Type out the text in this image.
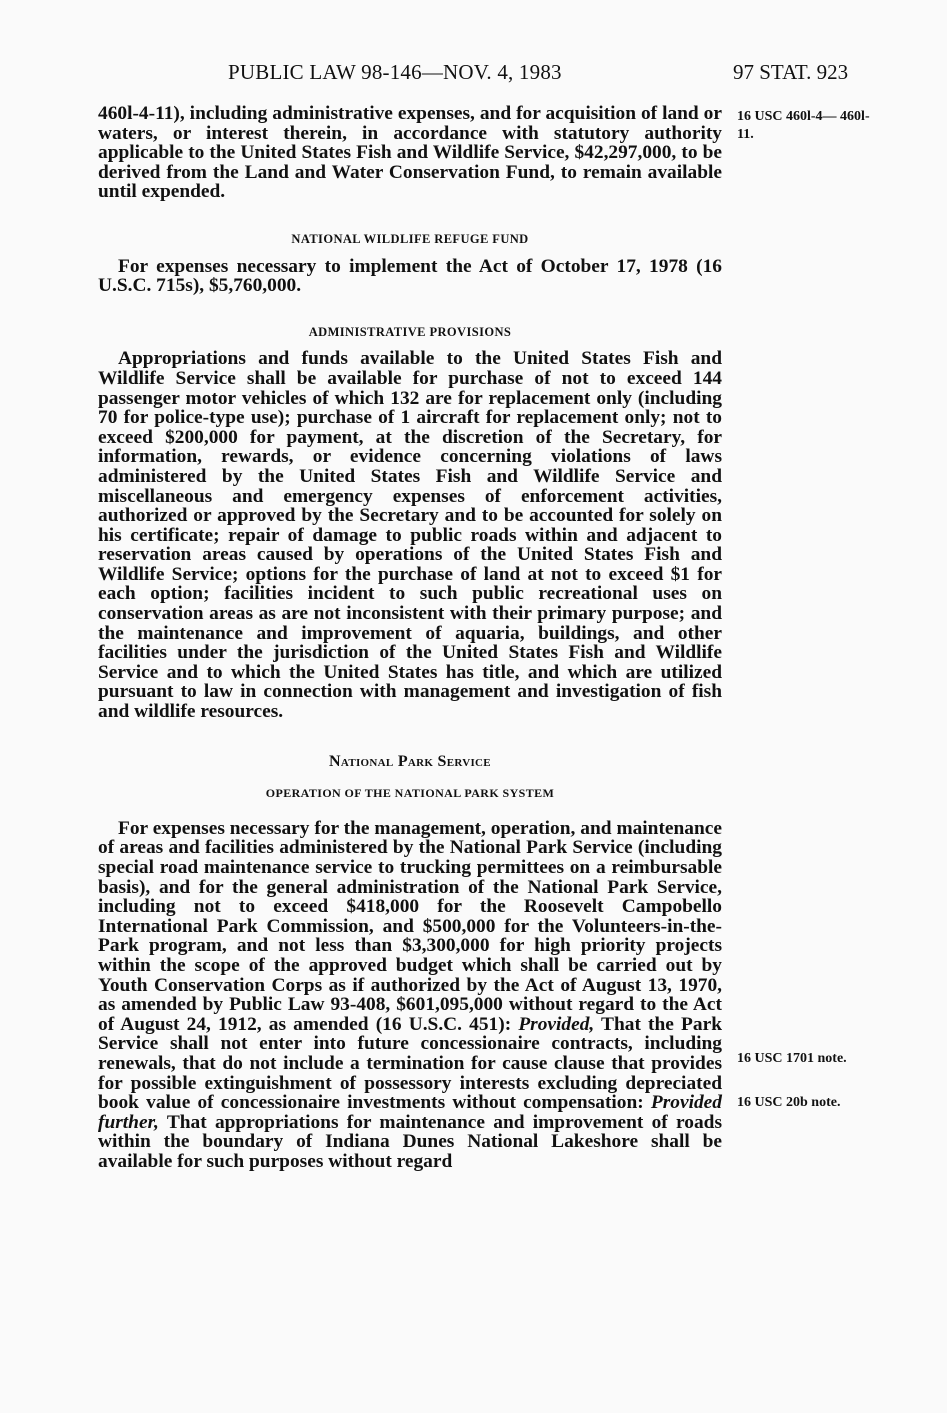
PUBLIC LAW 98-146—NOV. 4, 1983	97 STAT. 923
16 USC 460l-4— 460l-11.
16 USC 1701 note.
16 USC 20b note.

460l-4-11), including administrative expenses, and for acquisition of land or waters, or interest therein, in accordance with statutory authority applicable to the United States Fish and Wildlife Service, $42,297,000, to be derived from the Land and Water Conservation Fund, to remain available until expended.

NATIONAL WILDLIFE REFUGE FUND

For expenses necessary to implement the Act of October 17, 1978 (16 U.S.C. 715s), $5,760,000.

ADMINISTRATIVE PROVISIONS

Appropriations and funds available to the United States Fish and Wildlife Service shall be available for purchase of not to exceed 144 passenger motor vehicles of which 132 are for replacement only (including 70 for police-type use); purchase of 1 aircraft for replacement only; not to exceed $200,000 for payment, at the discretion of the Secretary, for information, rewards, or evidence concerning violations of laws administered by the United States Fish and Wildlife Service and miscellaneous and emergency expenses of enforcement activities, authorized or approved by the Secretary and to be accounted for solely on his certificate; repair of damage to public roads within and adjacent to reservation areas caused by operations of the United States Fish and Wildlife Service; options for the purchase of land at not to exceed $1 for each option; facilities incident to such public recreational uses on conservation areas as are not inconsistent with their primary purpose; and the maintenance and improvement of aquaria, buildings, and other facilities under the jurisdiction of the United States Fish and Wildlife Service and to which the United States has title, and which are utilized pursuant to law in connection with management and investigation of fish and wildlife resources.

National Park Service
OPERATION OF THE NATIONAL PARK SYSTEM

For expenses necessary for the management, operation, and maintenance of areas and facilities administered by the National Park Service (including special road maintenance service to trucking permittees on a reimbursable basis), and for the general administration of the National Park Service, including not to exceed $418,000 for the Roosevelt Campobello International Park Commission, and $500,000 for the Volunteers-in-the-Park program, and not less than $3,300,000 for high priority projects within the scope of the approved budget which shall be carried out by Youth Conservation Corps as if authorized by the Act of August 13, 1970, as amended by Public Law 93-408, $601,095,000 without regard to the Act of August 24, 1912, as amended (16 U.S.C. 451): Provided, That the Park Service shall not enter into future concessionaire contracts, including renewals, that do not include a termination for cause clause that provides for possible extinguishment of possessory interests excluding depreciated book value of concessionaire investments without compensation: Provided further, That appropriations for maintenance and improvement of roads within the boundary of Indiana Dunes National Lakeshore shall be available for such purposes without regard
